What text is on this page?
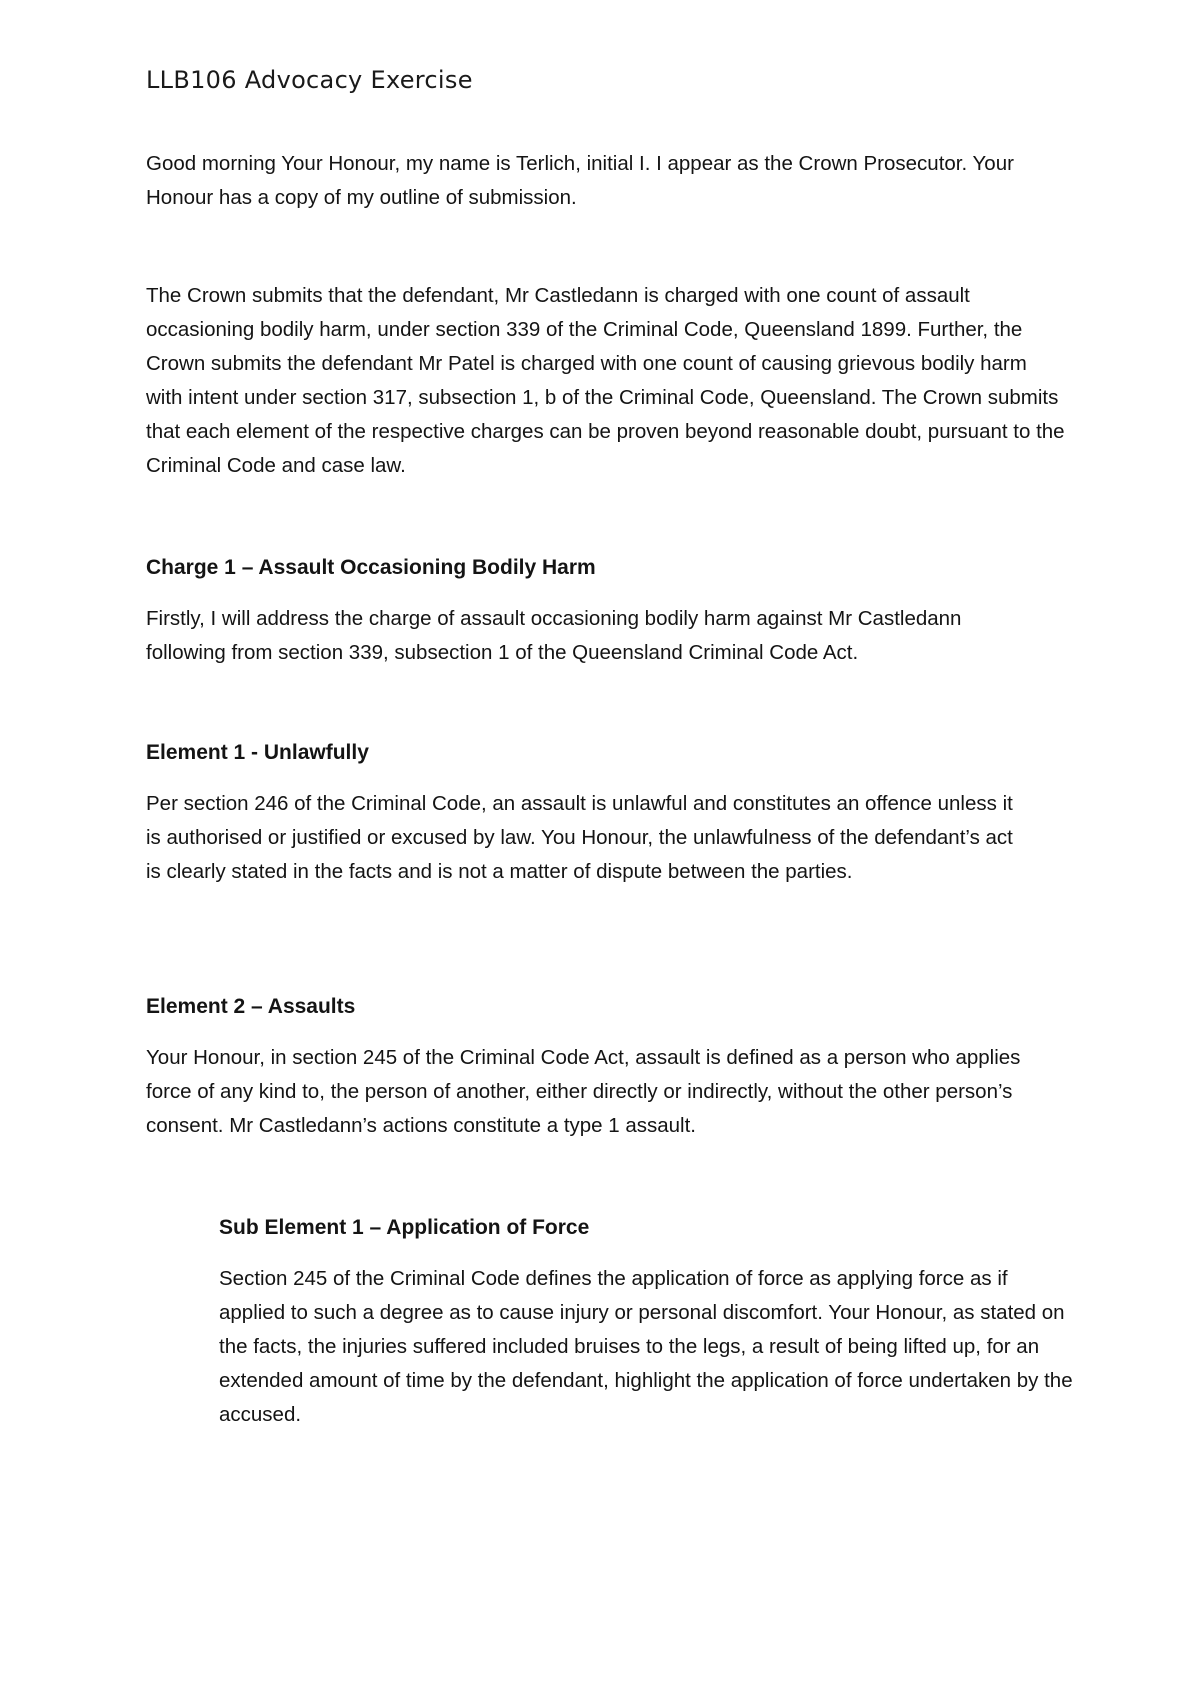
LLB106 Advocacy Exercise

Good morning Your Honour, my name is Terlich, initial I. I appear as the Crown Prosecutor. Your Honour has a copy of my outline of submission.

The Crown submits that the defendant, Mr Castledann is charged with one count of assault occasioning bodily harm, under section 339 of the Criminal Code, Queensland 1899. Further, the Crown submits the defendant Mr Patel is charged with one count of causing grievous bodily harm with intent under section 317, subsection 1, b of the Criminal Code, Queensland. The Crown submits that each element of the respective charges can be proven beyond reasonable doubt, pursuant to the Criminal Code and case law.

Charge 1 – Assault Occasioning Bodily Harm

Firstly, I will address the charge of assault occasioning bodily harm against Mr Castledann following from section 339, subsection 1 of the Queensland Criminal Code Act.

Element 1 - Unlawfully

Per section 246 of the Criminal Code, an assault is unlawful and constitutes an offence unless it is authorised or justified or excused by law. You Honour, the unlawfulness of the defendant’s act is clearly stated in the facts and is not a matter of dispute between the parties.

Element 2 – Assaults

Your Honour, in section 245 of the Criminal Code Act, assault is defined as a person who applies force of any kind to, the person of another, either directly or indirectly, without the other person’s consent. Mr Castledann’s actions constitute a type 1 assault.

Sub Element 1 – Application of Force

Section 245 of the Criminal Code defines the application of force as applying force as if applied to such a degree as to cause injury or personal discomfort. Your Honour, as stated on the facts, the injuries suffered included bruises to the legs, a result of being lifted up, for an extended amount of time by the defendant, highlight the application of force undertaken by the accused.
